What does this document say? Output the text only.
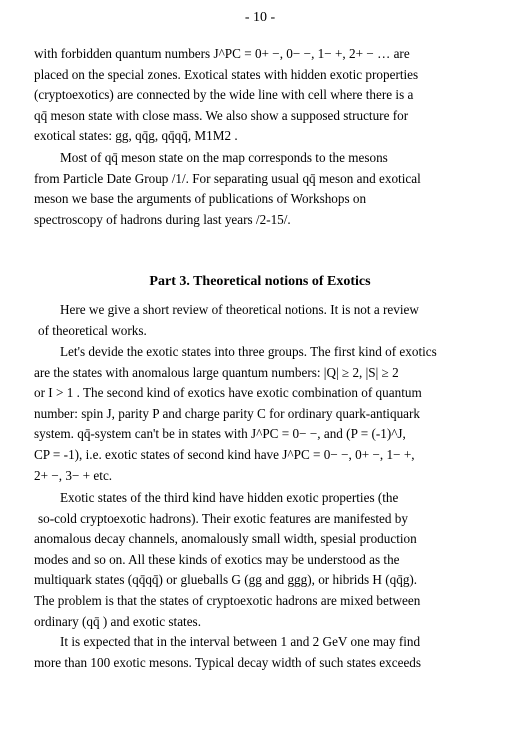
- 10 -
with forbidden quantum numbers J^PC = 0+ −, 0− −, 1− +, 2+ − … are
placed on the special zones. Exotical states with hidden exotic properties
(cryptoexotics) are connected by the wide line with cell where there is a
qq̄ meson state with close mass. We also show a supposed structure for
exotical states: gg, qq̄g, qq̄qq̄, M1M2 .
Most of qq̄ meson state on the map corresponds to the mesons
from Particle Date Group /1/. For separating usual qq̄ meson and exotical
meson we base the arguments of publications of Workshops on
spectroscopy of hadrons during last years /2-15/.
Part 3. Theoretical notions of Exotics
Here we give a short review of theoretical notions. It is not a review
of theoretical works.
Let's devide the exotic states into three groups. The first kind of exotics
are the states with anomalous large quantum numbers: |Q| ≥ 2, |S| ≥ 2
or I > 1 . The second kind of exotics have exotic combination of quantum
number: spin J, parity P and charge parity C for ordinary quark-antiquark
system. qq̄-system can't be in states with J^PC = 0− −, and (P = (-1)^J,
CP = -1), i.e. exotic states of second kind have J^PC = 0− −, 0+ −, 1− +,
2+ −, 3− + etc.
Exotic states of the third kind have hidden exotic properties (the
so-cold cryptoexotic hadrons). Their exotic features are manifested by
anomalous decay channels, anomalously small width, spesial production
modes and so on. All these kinds of exotics may be understood as the
multiquark states (qq̄qq̄) or glueballs G (gg and ggg), or hibrids H (qq̄g).
The problem is that the states of cryptoexotic hadrons are mixed between
ordinary (qq̄ ) and exotic states.
It is expected that in the interval between 1 and 2 GeV one may find
more than 100 exotic mesons. Typical decay width of such states exceeds
